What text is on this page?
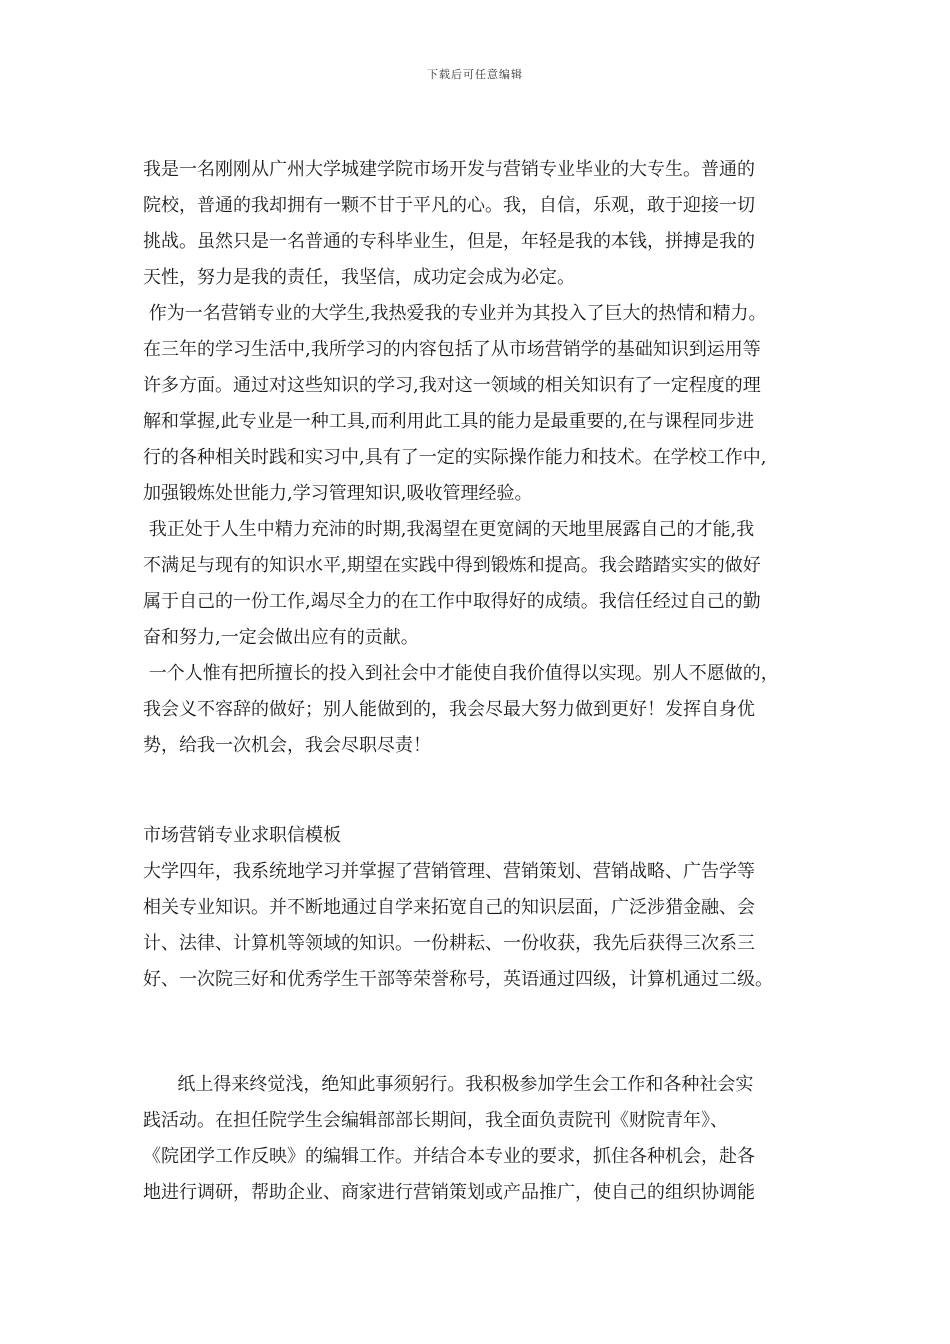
下载后可任意编辑
我是一名刚刚从广州大学城建学院市场开发与营销专业毕业的大专生。普通的
院校，普通的我却拥有一颗不甘于平凡的心。我，自信，乐观，敢于迎接一切
挑战。虽然只是一名普通的专科毕业生，但是，年轻是我的本钱，拼搏是我的
天性，努力是我的责任，我坚信，成功定会成为必定。
作为一名营销专业的大学生,我热爱我的专业并为其投入了巨大的热情和精力。
在三年的学习生活中,我所学习的内容包括了从市场营销学的基础知识到运用等
许多方面。通过对这些知识的学习,我对这一领域的相关知识有了一定程度的理
解和掌握,此专业是一种工具,而利用此工具的能力是最重要的,在与课程同步进
行的各种相关时践和实习中,具有了一定的实际操作能力和技术。在学校工作中,
加强锻炼处世能力,学习管理知识,吸收管理经验。
我正处于人生中精力充沛的时期,我渴望在更宽阔的天地里展露自己的才能,我
不满足与现有的知识水平,期望在实践中得到锻炼和提高。我会踏踏实实的做好
属于自己的一份工作,竭尽全力的在工作中取得好的成绩。我信任经过自己的勤
奋和努力,一定会做出应有的贡献。
一个人惟有把所擅长的投入到社会中才能使自我价值得以实现。别人不愿做的，
我会义不容辞的做好；别人能做到的，我会尽最大努力做到更好！发挥自身优
势，给我一次机会，我会尽职尽责！
市场营销专业求职信模板
大学四年，我系统地学习并掌握了营销管理、营销策划、营销战略、广告学等
相关专业知识。并不断地通过自学来拓宽自己的知识层面，广泛涉猎金融、会
计、法律、计算机等领域的知识。一份耕耘、一份收获，我先后获得三次系三
好、一次院三好和优秀学生干部等荣誉称号，英语通过四级，计算机通过二级。
纸上得来终觉浅，绝知此事须躬行。我积极参加学生会工作和各种社会实
践活动。在担任院学生会编辑部部长期间，我全面负责院刊《财院青年》、
《院团学工作反映》的编辑工作。并结合本专业的要求，抓住各种机会，赴各
地进行调研，帮助企业、商家进行营销策划或产品推广，使自己的组织协调能
